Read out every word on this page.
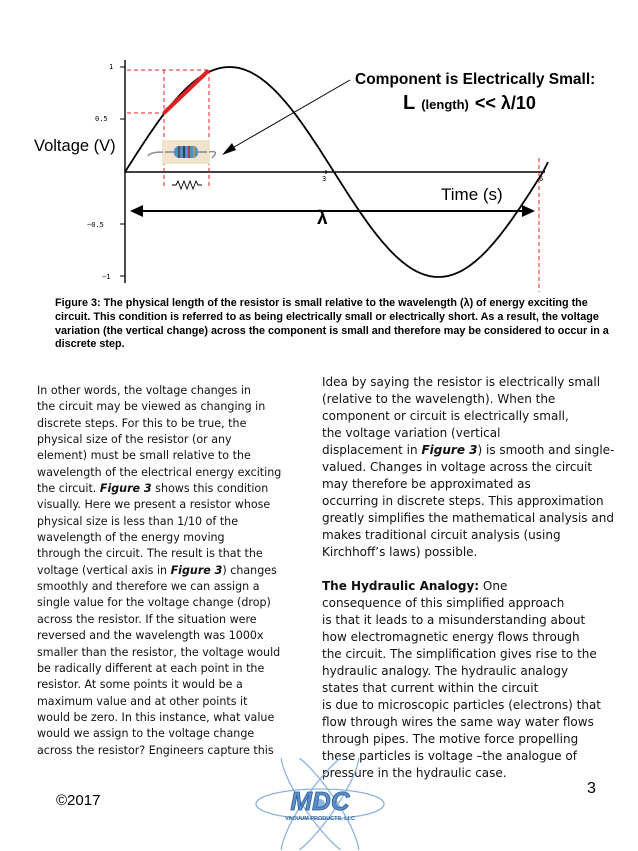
1
0.5
−0.5
−1
3	6
λ
Voltage (V)
Time (s)
Component is Electrically Small:
L (length) << λ/10

Figure 3: The physical length of the resistor is small relative to the wavelength (λ) of energy exciting the circuit. This condition is referred to as being electrically small or electrically short. As a result, the voltage variation (the vertical change) across the component is small and therefore may be considered to occur in a discrete step.

In other words, the voltage changes in
the circuit may be viewed as changing in
discrete steps. For this to be true, the
physical size of the resistor (or any
element) must be small relative to the
wavelength of the electrical energy exciting
the circuit. Figure 3 shows this condition
visually. Here we present a resistor whose
physical size is less than 1/10 of the
wavelength of the energy moving
through the circuit. The result is that the
voltage (vertical axis in Figure 3) changes
smoothly and therefore we can assign a
single value for the voltage change (drop)
across the resistor. If the situation were
reversed and the wavelength was 1000x
smaller than the resistor, the voltage would
be radically different at each point in the
resistor. At some points it would be a
maximum value and at other points it
would be zero. In this instance, what value
would we assign to the voltage change
across the resistor? Engineers capture this
Idea by saying the resistor is electrically small
(relative to the wavelength). When the
component or circuit is electrically small,
the voltage variation (vertical
displacement in Figure 3) is smooth and single-
valued. Changes in voltage across the circuit
may therefore be approximated as
occurring in discrete steps. This approximation
greatly simplifies the mathematical analysis and
makes traditional circuit analysis (using
Kirchhoff’s laws) possible.
The Hydraulic Analogy: One
consequence of this simplified approach
is that it leads to a misunderstanding about
how electromagnetic energy flows through
the circuit. The simplification gives rise to the
hydraulic analogy. The hydraulic analogy
states that current within the circuit
is due to microscopic particles (electrons) that
flow through wires the same way water flows
through pipes. The motive force propelling
these particles is voltage –the analogue of
pressure in the hydraulic case.
MDC
VACUUM PRODUCTS, LLC
©2017
3
